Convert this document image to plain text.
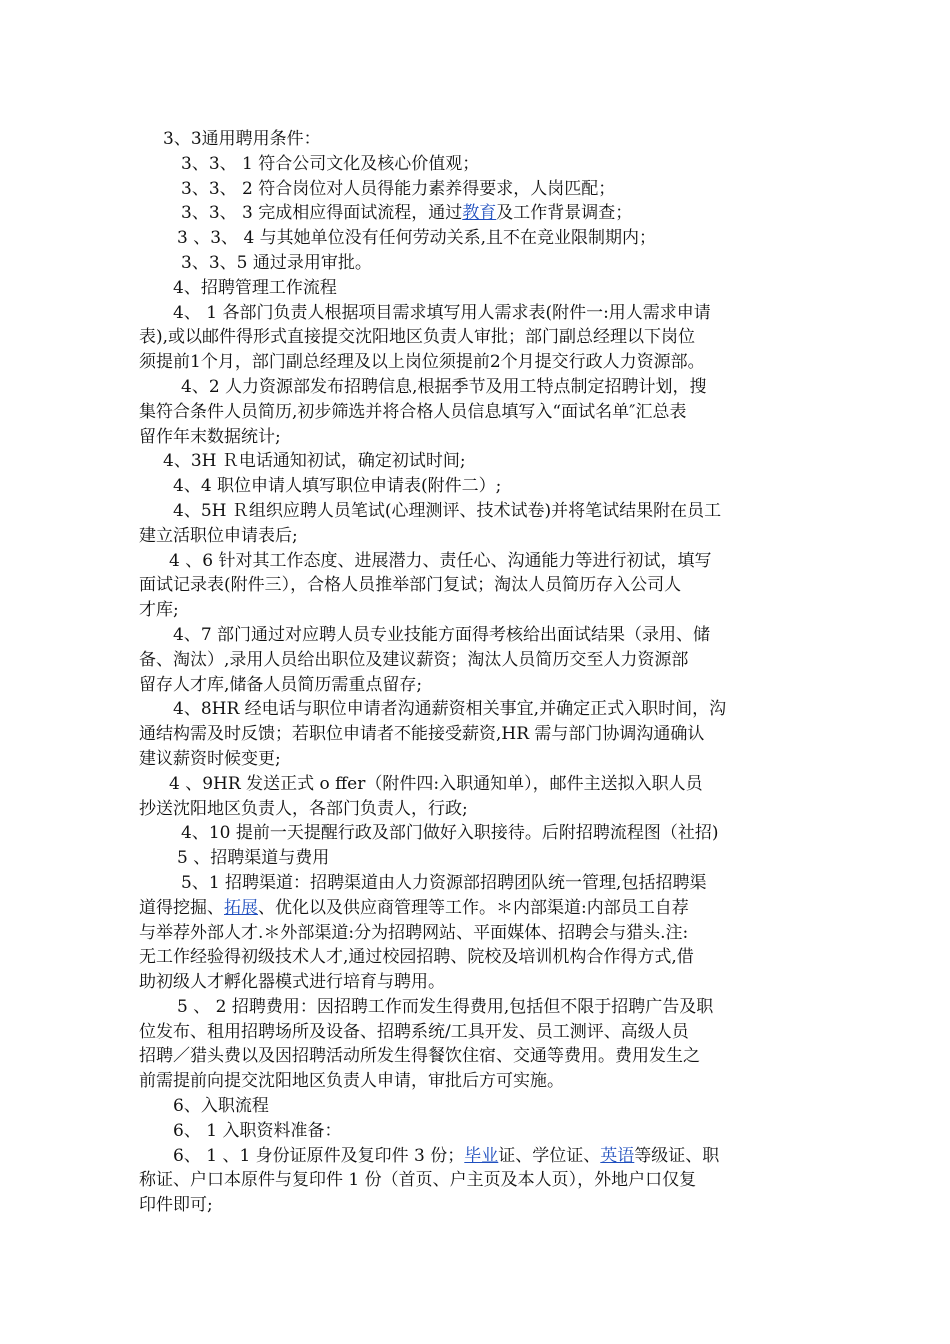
3、3通用聘用条件：
3、3、 1 符合公司文化及核心价值观；
3、3、 2 符合岗位对人员得能力素养得要求，人岗匹配；
3、3、 3 完成相应得面试流程，通过教育及工作背景调查；
3 、3、 4 与其她单位没有任何劳动关系,且不在竞业限制期内；
3、3、5 通过录用审批。
4、招聘管理工作流程
4、 1 各部门负责人根据项目需求填写用人需求表(附件一:用人需求申请
表),或以邮件得形式直接提交沈阳地区负责人审批；部门副总经理以下岗位
须提前1个月，部门副总经理及以上岗位须提前2个月提交行政人力资源部。
4、2 人力资源部发布招聘信息,根据季节及用工特点制定招聘计划，搜
集符合条件人员简历,初步筛选并将合格人员信息填写入“面试名单″汇总表
留作年末数据统计;
4、3H Ｒ电话通知初试，确定初试时间;
4、4 职位申请人填写职位申请表(附件二）;
4、5H Ｒ组织应聘人员笔试(心理测评、技术试卷)并将笔试结果附在员工
建立活职位申请表后;
4 、6 针对其工作态度、进展潜力、责任心、沟通能力等进行初试，填写
面试记录表(附件三），合格人员推举部门复试；淘汰人员简历存入公司人
才库;
4、7 部门通过对应聘人员专业技能方面得考核给出面试结果（录用、储
备、淘汰）,录用人员给出职位及建议薪资；淘汰人员简历交至人力资源部
留存人才库,储备人员简历需重点留存;
4、8HR 经电话与职位申请者沟通薪资相关事宜,并确定正式入职时间，沟
通结构需及时反馈；若职位申请者不能接受薪资,HR 需与部门协调沟通确认
建议薪资时候变更;
4 、9HR 发送正式 o ffer（附件四:入职通知单），邮件主送拟入职人员
抄送沈阳地区负责人，各部门负责人，行政;
4、10 提前一天提醒行政及部门做好入职接待。后附招聘流程图（社招)
5 、招聘渠道与费用
5、1 招聘渠道：招聘渠道由人力资源部招聘团队统一管理,包括招聘渠
道得挖掘、拓展、优化以及供应商管理等工作。＊内部渠道:内部员工自荐
与举荐外部人才.＊外部渠道:分为招聘网站、平面媒体、招聘会与猎头.注:
无工作经验得初级技术人才,通过校园招聘、院校及培训机构合作得方式,借
助初级人才孵化器模式进行培育与聘用。
5 、 2 招聘费用：因招聘工作而发生得费用,包括但不限于招聘广告及职
位发布、租用招聘场所及设备、招聘系统/工具开发、员工测评、高级人员
招聘／猎头费以及因招聘活动所发生得餐饮住宿、交通等费用。费用发生之
前需提前向提交沈阳地区负责人申请，审批后方可实施。
6、入职流程
6、 1 入职资料准备：
6、 1 、1 身份证原件及复印件 3 份；毕业证、学位证、英语等级证、职
称证、户口本原件与复印件 1 份（首页、户主页及本人页），外地户口仅复
印件即可;
